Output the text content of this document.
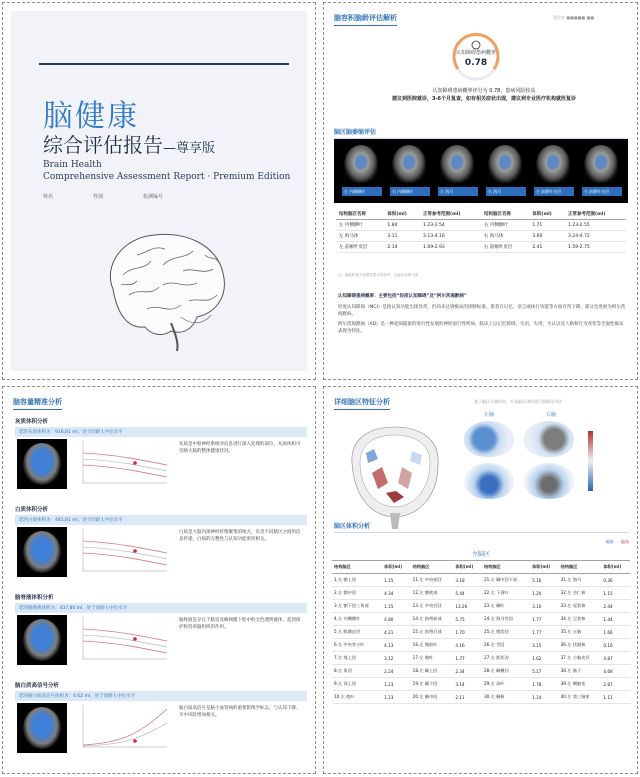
脑健康
综合评估报告—尊享版
Brain Health
Comprehensive Assessment Report · Premium Edition
姓名	性别	检测编号
脑容积脑龄评估解析	受检者 ■■■■■ ■■
认知障碍患病概率
0.78
认知障碍患病概率评分为 0.78，患病风险较高
建议到医院就诊，3-6个月复查，如有相关症状出现，建议到专业医疗机构就医复诊
脑区脑萎缩评估
左 内侧颞叶	右 内侧颞叶	左 海马	右 海马	左 前额叶皮层	右 前额叶皮层
结构脑区名称	体积(ml)	正常参考范围(ml)	结构脑区名称	体积(ml)	正常参考范围(ml)
左 内侧颞叶	1.84	1.23-2.54	右 内侧颞叶	1.71	1.23-2.55
左 海马体	3.11	3.13-4.16	右 海马体	3.60	3.24-4.72
左 前额叶皮层	2.14	1.69-2.93	右 前额叶皮层	2.41	1.59-2.75
注：脑容积相关参数结果仅供参考，以临床诊断为准
认知障碍患病概率：主要包括“轻度认知障碍”及“阿尔茨海默病”

轻度认知障碍（MCI）是指认知功能出现异常，但尚未达到痴呆的诊断标准。患者在记忆、语言或执行功能等方面有所下降，部分会进展为阿尔茨海默病。

阿尔茨海默病（AD）是一种起病隐匿的进行性发展的神经退行性疾病，临床上以记忆障碍、失语、失用、失认以及人格和行为改变等全面性痴呆表现为特征。

脑容量精准分析
灰质体积分析
您的灰质体积为：918.81 ml，处于同龄人中位水平
灰质是中枢神经系统对信息进行深入处理的部位，灰质体积可反映大脑的整体健康状况。
白质体积分析
您的白质体积为：481.81 ml，处于同龄人中位水平
白质是大脑内部神经纤维聚集的地方，负责不同脑区之间的信息传递，白质的完整性与认知功能密切相关。
脑脊液体积分析
您的脑脊液体积为：437.80 ml，处于同龄人中位水平
脑脊液是存在于脑室及蛛网膜下腔中的无色透明液体，起到保护和营养脑组织的作用。
脑白质高信号分析
您的脑白质高信号体积为：4.62 ml，处于同龄人中位水平
脑白质高信号是脑小血管病的重要影像学标志，与认知下降、卒中风险增加相关。
详细脑区特征分析	基于脑区分割结果，对各脑区体积进行精细化评估
左脑	右脑
脑区体积分析
偏低 偏高
左脑区
结构脑区	体积(ml)	结构脑区	体积(ml)	结构脑区	体积(ml)	结构脑区	体积(ml)
1.左 额上回	1.15	11.左 中央前回	3.18	21.左 颞中回下部	5.16	31.左 海马	0.36
2.左 额中回	4.34	12.左 额底部	5.44	22.左 下顶叶	1.20	32.左 杏仁核	1.15
3.左 额下回三角部	1.15	13.左 中央后回	13.26	23.左 颞叶	3.10	33.左 尾状核	2.44
4.左 内侧额叶	4.80	14.左 扣带前部	5.75	24.左 海马旁回	1.77	34.左 豆状核	1.44
5.左 眶额皮层	4.21	15.左 扣带后部	1.70	25.左 梭状回	1.77	35.左 丘脑	1.66
6.左 中央旁小叶	4.13	16.左 楔前叶	4.16	26.左 舌回	3.15	36.左 伏隔核	0.16
7.左 缘上回	3.12	17.左 楔叶	1.77	27.左 距状沟	1.62	37.左 小脑皮层	4.87
8.左 角回	2.24	18.左 颞上回	2.34	28.左 颞横回	5.17	38.左 脑干	4.68
9.左 顶上回	1.23	19.左 颞下回	3.14	29.左 岛叶	1.78	39.左 侧脑室	2.87
10.左 枕叶	1.23	20.左 颞中回	2.11	30.左 颞极	1.14	40.左 第三脑室	1.11
